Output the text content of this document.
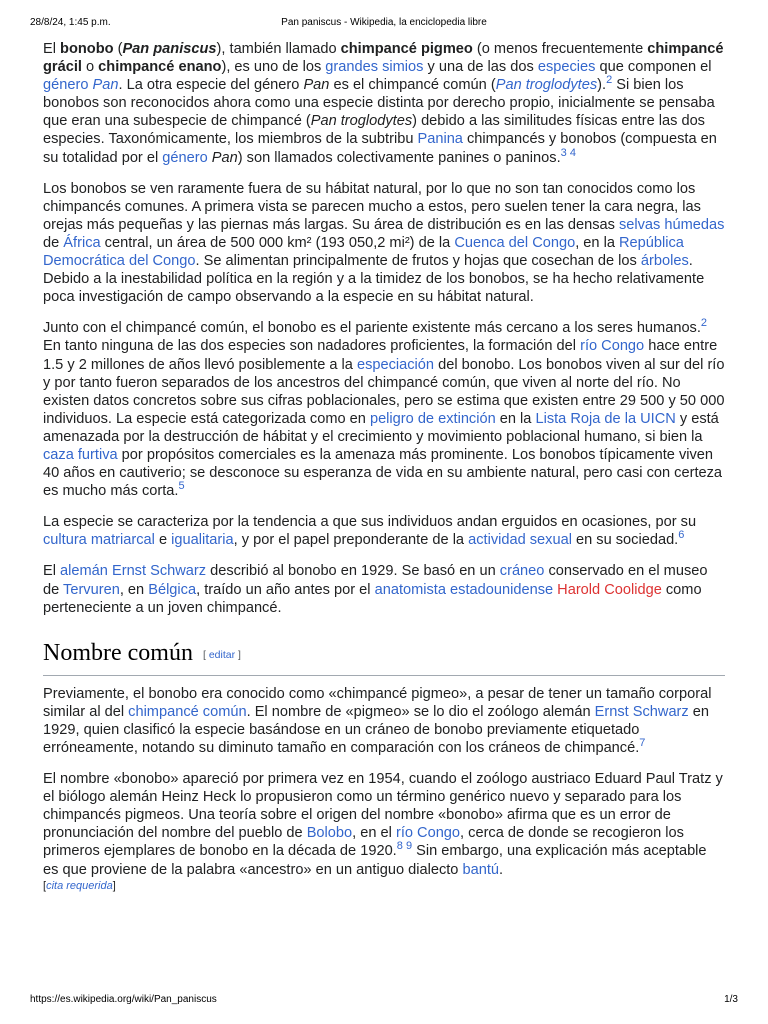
28/8/24, 1:45 p.m.	Pan paniscus - Wikipedia, la enciclopedia libre

El bonobo (Pan paniscus), también llamado chimpancé pigmeo (o menos frecuentemente chimpancé grácil o chimpancé enano), es uno de los grandes simios y una de las dos especies que componen el género Pan. La otra especie del género Pan es el chimpancé común (Pan troglodytes).$^2$ Si bien los bonobos son reconocidos ahora como una especie distinta por derecho propio, inicialmente se pensaba que eran una subespecie de chimpancé (Pan troglodytes) debido a las similitudes físicas entre las dos especies. Taxonómicamente, los miembros de la subtribu Panina chimpancés y bonobos (compuesta en su totalidad por el género Pan) son llamados colectivamente panines o paninos.$^{3 4}$

Los bonobos se ven raramente fuera de su hábitat natural, por lo que no son tan conocidos como los chimpancés comunes. A primera vista se parecen mucho a estos, pero suelen tener la cara negra, las orejas más pequeñas y las piernas más largas. Su área de distribución es en las densas selvas húmedas de África central, un área de 500 000 km² (193 050,2 mi²) de la Cuenca del Congo, en la República Democrática del Congo. Se alimentan principalmente de frutos y hojas que cosechan de los árboles. Debido a la inestabilidad política en la región y a la timidez de los bonobos, se ha hecho relativamente poca investigación de campo observando a la especie en su hábitat natural.

Junto con el chimpancé común, el bonobo es el pariente existente más cercano a los seres humanos.$^2$ En tanto ninguna de las dos especies son nadadores proficientes, la formación del río Congo hace entre 1.5 y 2 millones de años llevó posiblemente a la especiación del bonobo. Los bonobos viven al sur del río y por tanto fueron separados de los ancestros del chimpancé común, que viven al norte del río. No existen datos concretos sobre sus cifras poblacionales, pero se estima que existen entre 29 500 y 50 000 individuos. La especie está categorizada como en peligro de extinción en la Lista Roja de la UICN y está amenazada por la destrucción de hábitat y el crecimiento y movimiento poblacional humano, si bien la caza furtiva por propósitos comerciales es la amenaza más prominente. Los bonobos típicamente viven 40 años en cautiverio; se desconoce su esperanza de vida en su ambiente natural, pero casi con certeza es mucho más corta.$^5$

La especie se caracteriza por la tendencia a que sus individuos andan erguidos en ocasiones, por su cultura matriarcal e igualitaria, y por el papel preponderante de la actividad sexual en su sociedad.$^6$

El alemán Ernst Schwarz describió al bonobo en 1929. Se basó en un cráneo conservado en el museo de Tervuren, en Bélgica, traído un año antes por el anatomista estadounidense Harold Coolidge como perteneciente a un joven chimpancé.

Nombre común [ editar ]

Previamente, el bonobo era conocido como «chimpancé pigmeo», a pesar de tener un tamaño corporal similar al del chimpancé común. El nombre de «pigmeo» se lo dio el zoólogo alemán Ernst Schwarz en 1929, quien clasificó la especie basándose en un cráneo de bonobo previamente etiquetado erróneamente, notando su diminuto tamaño en comparación con los cráneos de chimpancé.$^7$

El nombre «bonobo» apareció por primera vez en 1954, cuando el zoólogo austriaco Eduard Paul Tratz y el biólogo alemán Heinz Heck lo propusieron como un término genérico nuevo y separado para los chimpancés pigmeos. Una teoría sobre el origen del nombre «bonobo» afirma que es un error de pronunciación del nombre del pueblo de Bolobo, en el río Congo, cerca de donde se recogieron los primeros ejemplares de bonobo en la década de 1920.$^{8 9}$ Sin embargo, una explicación más aceptable es que proviene de la palabra «ancestro» en un antiguo dialecto bantú.
[cita requerida]

https://es.wikipedia.org/wiki/Pan_paniscus	1/3
